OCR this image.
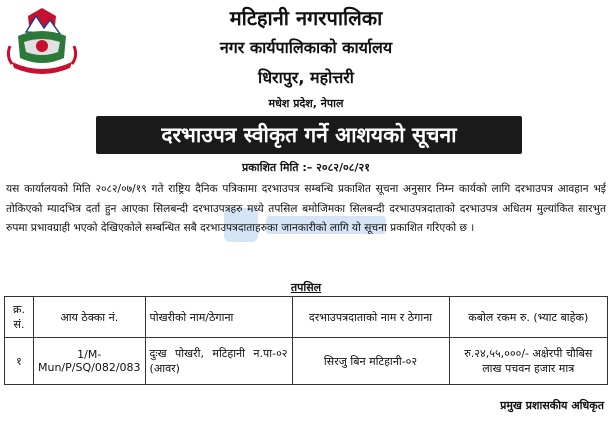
मटिहानी नगरपालिका
नगर कार्यपालिकाको कार्यालय
धिरापुर, महोत्तरी
मधेश प्रदेश, नेपाल
दरभाउपत्र स्वीकृत गर्ने आशयको सूचना
प्रकाशित मिति :– २०८२/०८/२१
यस कार्यालयको मिति २०८२/०७/१९ गते राष्ट्रिय दैनिक पत्रिकामा दरभाउपत्र सम्बन्धि प्रकाशित सूचना अनुसार निम्न कार्यको लागि दरभाउपत्र आवहान भई तोकिएको म्यादभित्र दर्ता हुन आएका सिलबन्दी दरभाउपत्रहरु मध्ये तपसिल बमोजिमका सिलबन्दी दरभाउपत्रदाताको दरभाउपत्र अधितम मुल्यांकित सारभुत रुपमा प्रभावग्राही भएको देखिएकोले सम्बन्धित सबै दरभाउपत्रदाताहरुका जानकारीको लागि यो सूचना प्रकाशित गरिएको छ ।
तपसिल
क्र. सं.	आय ठेक्का नं.	पोखरीको नाम/ठेगाना	दरभाउपत्रदाताको नाम र ठेगाना	कबोल रकम रु. (भ्याट बाहेक)
१	1/M-Mun/P/SQ/082/083	दुःख पोखरी, मटिहानी न.पा-०२ (आवर)	सिरजु बिन मटिहानी-०२	रु.२४,५५,०००/- अक्षेरपी चौबिस लाख पचवन हजार मात्र
प्रमुख प्रशासकीय अधिकृत
